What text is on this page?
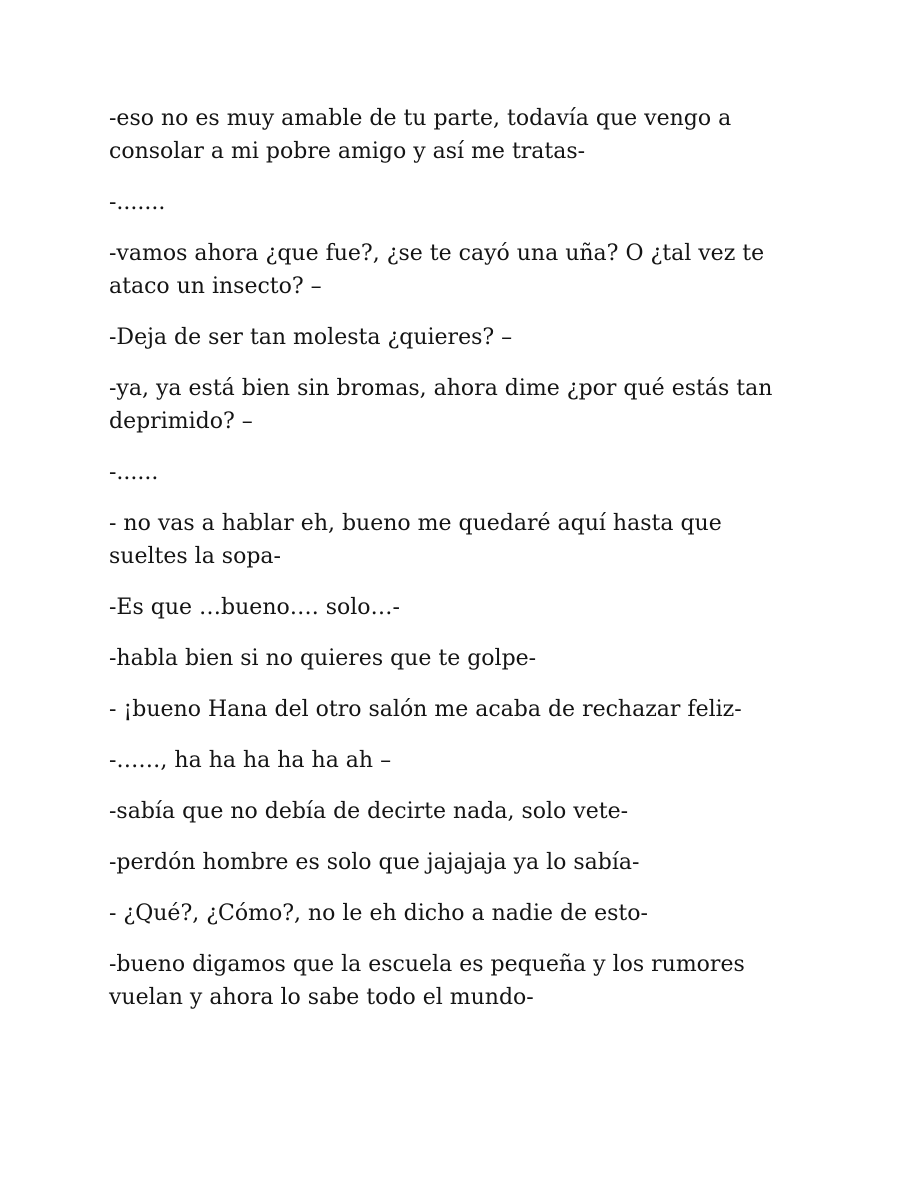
-eso no es muy amable de tu parte, todavía que vengo a consolar a mi pobre amigo y así me tratas-

-.......

-vamos ahora ¿que fue?, ¿se te cayó una uña? O ¿tal vez te ataco un insecto? –

-Deja de ser tan molesta ¿quieres? –

-ya, ya está bien sin bromas, ahora dime ¿por qué estás tan deprimido? –

-......

- no vas a hablar eh, bueno me quedaré aquí hasta que sueltes la sopa-

-Es que …bueno…. solo…-

-habla bien si no quieres que te golpe-

- ¡bueno Hana del otro salón me acaba de rechazar feliz-

-……, ha ha ha ha ha ah –

-sabía que no debía de decirte nada, solo vete-

-perdón hombre es solo que jajajaja ya lo sabía-

- ¿Qué?, ¿Cómo?, no le eh dicho a nadie de esto-

-bueno digamos que la escuela es pequeña y los rumores vuelan y ahora lo sabe todo el mundo-
